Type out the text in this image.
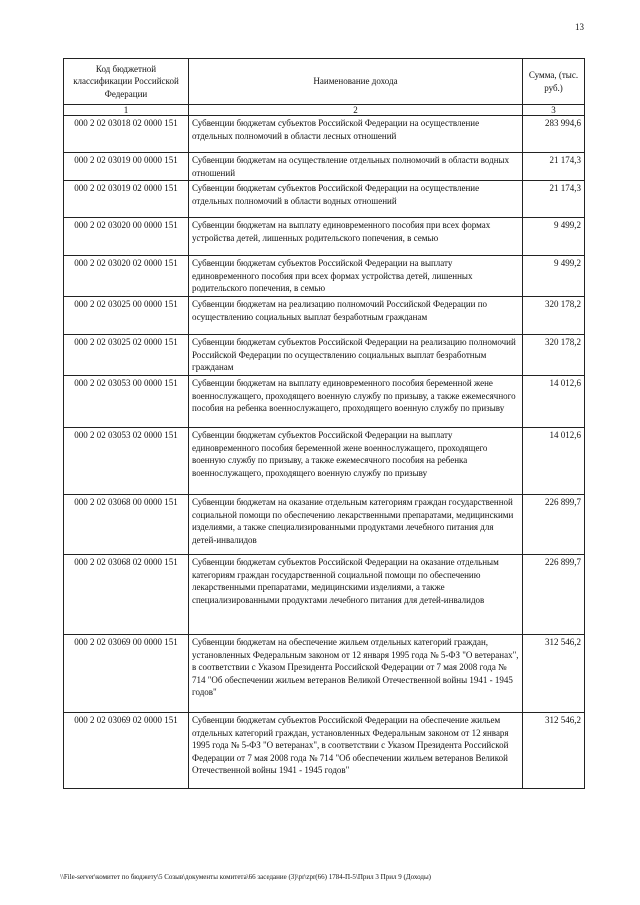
13
Код бюджетной классификации Российской Федерации	Наименование дохода	Сумма, (тыс. руб.)
1	2	3
000 2 02 03018 02 0000 151	Субвенции бюджетам субъектов Российской Федерации на осуществление отдельных полномочий в области лесных отношений	283 994,6
000 2 02 03019 00 0000 151	Субвенции бюджетам на осуществление отдельных полномочий в области водных отношений	21 174,3
000 2 02 03019 02 0000 151	Субвенции бюджетам субъектов Российской Федерации на осуществление отдельных полномочий в области водных отношений	21 174,3
000 2 02 03020 00 0000 151	Субвенции бюджетам на выплату единовременного пособия при всех формах устройства детей, лишенных родительского попечения, в семью	9 499,2
000 2 02 03020 02 0000 151	Субвенции бюджетам субъектов Российской Федерации на выплату единовременного пособия при всех формах устройства детей, лишенных родительского попечения, в семью	9 499,2
000 2 02 03025 00 0000 151	Субвенции бюджетам на реализацию полномочий Российской Федерации по осуществлению социальных выплат безработным гражданам	320 178,2
000 2 02 03025 02 0000 151	Субвенции бюджетам субъектов Российской Федерации на реализацию полномочий Российской Федерации по осуществлению социальных выплат безработным гражданам	320 178,2
000 2 02 03053 00 0000 151	Субвенции бюджетам на выплату единовременного пособия беременной жене военнослужащего, проходящего военную службу по призыву, а также ежемесячного пособия на ребенка военнослужащего, проходящего военную службу по призыву	14 012,6
000 2 02 03053 02 0000 151	Субвенции бюджетам субъектов Российской Федерации на выплату единовременного пособия беременной жене военнослужащего, проходящего военную службу по призыву, а также ежемесячного пособия на ребенка военнослужащего, проходящего военную службу по призыву	14 012,6
000 2 02 03068 00 0000 151	Субвенции бюджетам на оказание отдельным категориям граждан государственной социальной помощи по обеспечению лекарственными препаратами, медицинскими изделиями, а также специализированными продуктами лечебного питания для детей-инвалидов	226 899,7
000 2 02 03068 02 0000 151	Субвенции бюджетам субъектов Российской Федерации на оказание отдельным категориям граждан государственной социальной помощи по обеспечению лекарственными препаратами, медицинскими изделиями, а также специализированными продуктами лечебного питания для детей-инвалидов	226 899,7
000 2 02 03069 00 0000 151	Субвенции бюджетам на обеспечение жильем отдельных категорий граждан, установленных Федеральным законом от 12 января 1995 года № 5-ФЗ "О ветеранах", в соответствии с Указом Президента Российской Федерации от 7 мая 2008 года № 714 "Об обеспечении жильем ветеранов Великой Отечественной войны 1941 - 1945 годов"	312 546,2
000 2 02 03069 02 0000 151	Субвенции бюджетам субъектов Российской Федерации на обеспечение жильем отдельных категорий граждан, установленных Федеральным законом от 12 января 1995 года № 5-ФЗ "О ветеранах", в соответствии с Указом Президента Российской Федерации от 7 мая 2008 года № 714 "Об обеспечении жильем ветеранов Великой Отечественной войны 1941 - 1945 годов"	312 546,2
\\File-server\комитет по бюджету\5 Созыв\документы комитета\66 заседание (3)\pr\zpr(66) 1784-П-5\Прил 3 Прил 9 (Доходы)
